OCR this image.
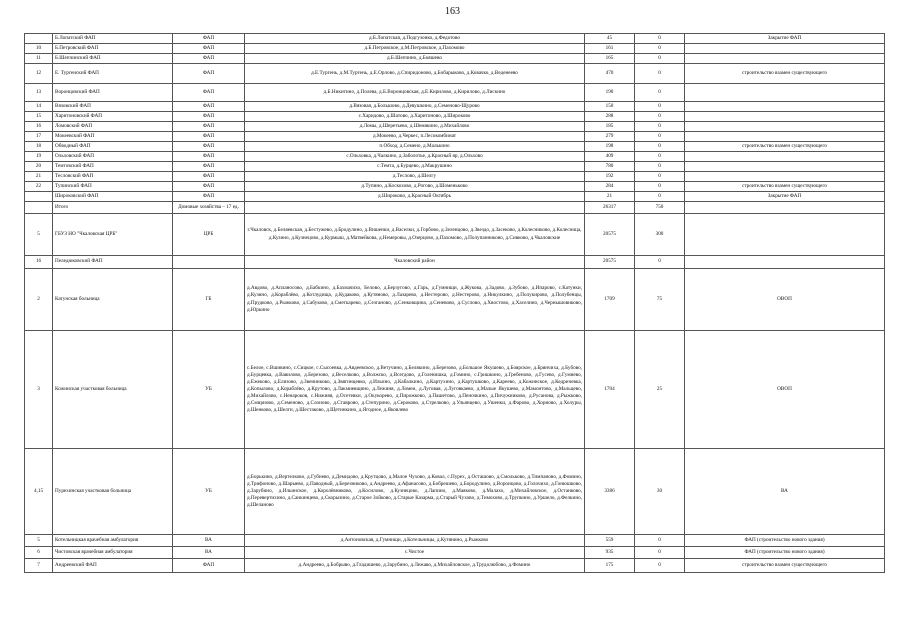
163
	Б.Лопатский ФАП	ФАП	д.Б.Лопатская, д.Подгузонко, д.Федотово	45	0	Закрытие ФАП
10	Б.Петровский ФАП	ФАП	д.Б.Петровское, д.М.Петровское, д.Пахомово	161	0	
11	Б.Шепчинский ФАП	ФАП	д.Б.Шепчино, д.Бояшево	165	0	
12	Е. Тургенский ФАП	ФАП	д.Е.Тургень, д.М.Тургень, д.Е.Орлово, д.Спиридоново, д.Бобарыково, д.Ковачко, д.Веденеево	470	0	строительство взамен существующего
13	Воронцовский ФАП	ФАП	д.Б.Никитино, д.Полева, д.Б.Воронцовская, д.Е.Кирилово, д.Кирилово, д.Лискино	190	0	
14	Вязовский ФАП	ФАП	д.Вязовая, д.Большово, д.Девушкино, д.Семеново-Щурово	150	0	
15	Харитоновский ФАП	ФАП	с.Харидово, д.Шатово, д.Харитоново, д.Широково	288	0	
16	Ломовский ФАП	ФАП	д.Ломы, д.Шеретьево, д.Шемякино, д.Михайлово	185	0	
17	Мокеевский ФАП	ФАП	д.Мокеево, д.Черкес, п.Лесокомбинат	279	0	
18	Обводный ФАП	ФАП	п.Обход, д.Семено, д.Малькино	198	0	строительство взамен существующего
19	Ольховский ФАП	ФАП	с.Ольховка, д.Чалкино, д.Заболотье, д.Красный яр, д.Ольхово	409	0	
20	Темтовский ФАП	ФАП	с.Темта, д.Бурцево, д.Макрушино	780	0	
21	Тесловский ФАП	ФАП	д.Теслово, д.Шелгу	192	0	
22	Тупинский ФАП	ФАП	д.Тупино, д.Коскохово, д.Рогово, д.Шоменьково	284	0	строительство взамен существующего
	Широковский ФАП	ФАП	д.Широково, д.Красный Октябрь	21	0	Закрытие ФАП
	Итого	Домовые хозяйства – 17 ед.		26317	750	
5	ГБУЗ НО "Чкаловская ЦРБ"	ЦРБ	г.Чкаловск, д.Беляевская, д.Бестужево, д.Бродулино, д.Вишенки, д.Васелки, д.Горбово, д.Зеленцово, д.Звездо, д.Засеково, д.Колесниково, д.Колесница, д.Кузино, д.Кузнецово, д.Курмыш, д.Матвейкова, д.Немеровы, д.Озерцово, д.Пахомово, д.Полупанниково, д.Сивково, д.Чкаловские	20575	300	
16	Пеледюковский ФАП		Чкаловский район	20575	0	
2	Катунская больница	ГБ	д.Авдово, д.Апланосово, д.Бабкино, д.Бахмачихо, Белово, д.Берзугово, д.Гарь, д.Гумнищи, д.Жукова, д.Задово, д.Зубово, д.Ипарово, с.Катунки, д.Кузино, д.Кораблёво, д.Котлудища, д.Кудаково, д.Кутяново, д.Лазарево, д.Нестерово, д.Нестерово, д.Никулкино, д.Полукирово, д.Полубенцы, д.Прудково, д.Рыжково, д.Сабуково, д.Сметкарево, д.Сезганово, д.Сенковщина, д.Сеневово, д.Суслово, д.Хвостово, д.Хаселино, д.Чернышовиково, д.Юркино	1709	75	ОВОП
3	Кожинская участковая больница	УБ	с.Белое, с.Вшивино, с.Сицкое, с.Сысоевка, д.Авдеевскоо, д.Ветучино, д.Белякино, д.Березово, д.Большое Якушево, д.Боярское, д.Брянчиха, д.Бубово, д.Бурцевка, д.Вавилово, д.Березово, д.Веселково, д.Волжско, д.Всегдово, д.Голенишка, д.Гомино, с.Гришкино, д.Гребеново, д.Гусево, д.Гумнево, д.Ежеково, д.Елизово, д.Звенинково, д.Звягинцевко, д.Ильино, д.Кабалкино, д.Картухино, д.Картушково, д.Кареево, д.Кожинское, д.Кедричевка, д.Копылово, д.Кораблёво, д.Крутово, д.Лакмиевщино, д.Лежиня, д.Ломеи, д.Луговая, д.Луговкаево, д.Малые Якушево, д.Мамонтово, д.Мальцево, д.Михайлово, с.Ненароков, с.Нижняя, д.Осетевки, д.Окукорево, д.Пирожково, д.Пашетово, д.Пеночкино, д.Пичужниково, д.Русанова, д.Рыжково, д.Смирново, д.Семеново, д.Слоново, д.Ставрово, д.Степурино, д.Сероково, д.Стрелково, д.Ульянцево, д.Ушенки, д.Фарово, д.Хорново, д.Холуры, д.Шенково, д.Шелги, д.Шестаково, д.Щетинкино, д.Ягодное, д.Яковлево	1704	25	ОВОП
4,15	Пурехинская участковая больница	УБ	д.Борькино, д.Вертелково, д.Губнево, д.Демидово, д.Крутцово, д.Малое Чухово, д.Ковал, с.Пурех, д.Осташово, д.Смольково, д.Тимпаново, д.Фомино, д.Трифоново, д.Шарыево, д.Паводный, д.Березниково, д.Андреево, д.Афанасово, д.Бобрешево, д.Бородулино, д.Воронцово, д.Голочихо, д.Гонюшково, д.Зарубино, д.Ильинское, д.Королёвниково, д.Косилово, д.Кузнецово, д.Лапино, д.Маяково, д.Малахо, д.Михайловское, д.Останково, д.Перевертихино, д.Санкинцево, д.Скорызино, д.Старое Зойково, д.Старые Казарма, д.Старый Чухово, д.Тимохово, д.Трупкино, д.Уршело, д.Фелкино, д.Шеланово	3386	30	ВА
5	Котельницкая врачебная амбулатория	ВА	д.Антоновская, д.Гумнищи, д.Котельницы, д.Кутянино, д.Рыжково	559	0	ФАП (строительство нового здания)
6	Чистовская врачебная амбулатория	ВА	с.Чистое	935	0	ФАП (строительство нового здания)
7	Андреевский ФАП	ФАП	д.Андреево, д.Бобрыво, д.Гладишево, д.Зарубино, д.Лежаво, д.Михайловское, д.Трудолюбово, д.Фомино	175	0	строительство взамен существующего
